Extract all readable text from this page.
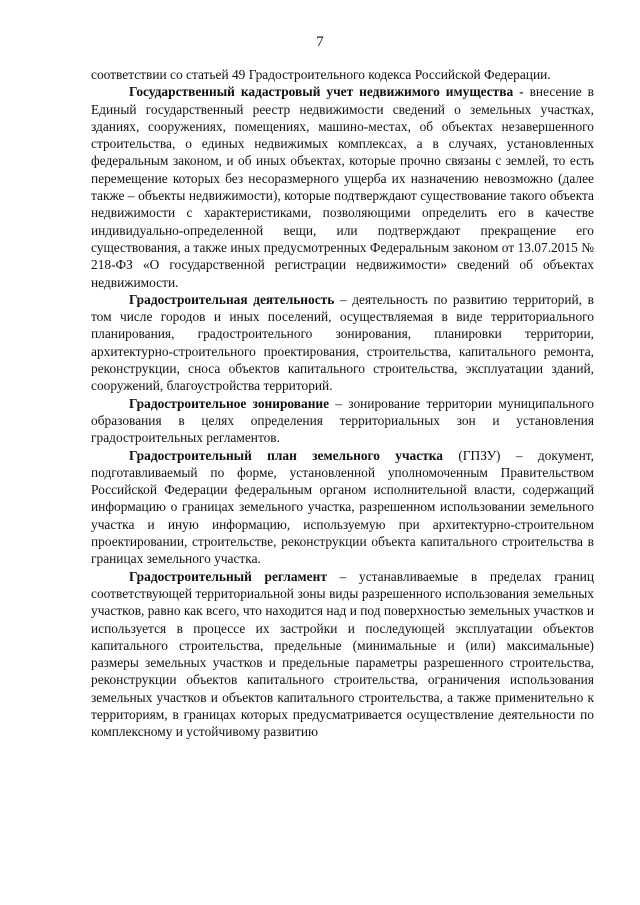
7

соответствии со статьей 49 Градостроительного кодекса Российской Федерации.

Государственный кадастровый учет недвижимого имущества - внесение в Единый государственный реестр недвижимости сведений о земельных участках, зданиях, сооружениях, помещениях, машино-местах, об объектах незавершенного строительства, о единых недвижимых комплексах, а в случаях, установленных федеральным законом, и об иных объектах, которые прочно связаны с землей, то есть перемещение которых без несоразмерного ущерба их назначению невозможно (далее также – объекты недвижимости), которые подтверждают существование такого объекта недвижимости с характеристиками, позволяющими определить его в качестве индивидуально-определенной вещи, или подтверждают прекращение его существования, а также иных предусмотренных Федеральным законом от 13.07.2015 № 218-ФЗ «О государственной регистрации недвижимости» сведений об объектах недвижимости.

Градостроительная деятельность – деятельность по развитию территорий, в том числе городов и иных поселений, осуществляемая в виде территориального планирования, градостроительного зонирования, планировки территории, архитектурно-строительного проектирования, строительства, капитального ремонта, реконструкции, сноса объектов капитального строительства, эксплуатации зданий, сооружений, благоустройства территорий.

Градостроительное зонирование – зонирование территории муниципального образования в целях определения территориальных зон и установления градостроительных регламентов.

Градостроительный план земельного участка (ГПЗУ) – документ, подготавливаемый по форме, установленной уполномоченным Правительством Российской Федерации федеральным органом исполнительной власти, содержащий информацию о границах земельного участка, разрешенном использовании земельного участка и иную информацию, используемую при архитектурно-строительном проектировании, строительстве, реконструкции объекта капитального строительства в границах земельного участка.

Градостроительный регламент – устанавливаемые в пределах границ соответствующей территориальной зоны виды разрешенного использования земельных участков, равно как всего, что находится над и под поверхностью земельных участков и используется в процессе их застройки и последующей эксплуатации объектов капитального строительства, предельные (минимальные и (или) максимальные) размеры земельных участков и предельные параметры разрешенного строительства, реконструкции объектов капитального строительства, ограничения использования земельных участков и объектов капитального строительства, а также применительно к территориям, в границах которых предусматривается осуществление деятельности по комплексному и устойчивому развитию
